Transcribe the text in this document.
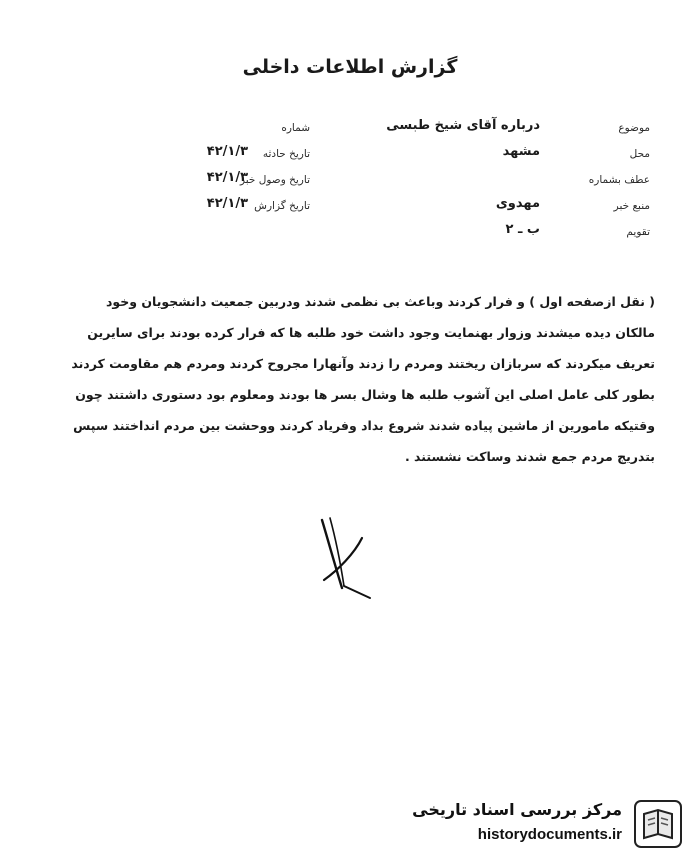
گزارش اطلاعات داخلی
موضوع
درباره آقای شیخ طبسی
محل
مشهد
عطف بشماره
منبع خبر
مهدوی
تقویم
ب ـ ۲
شماره
تاریخ حادثه
۴۲/۱/۳
تاریخ وصول خبر
۴۲/۱/۳
تاریخ گزارش
۴۲/۱/۳
( نقل ازصفحه اول ) و فرار کردند وباعث بی نظمی شدند ودربین جمعیت دانشجویان وخود
مالکان دیده میشدند وزوار بهنمایت وجود داشت خود طلبه ها که فرار کرده بودند برای سایرین
تعریف میکردند که سربازان ریختند ومردم را زدند وآنهارا مجروح کردند ومردم هم مقاومت کردند
بطور کلی عامل اصلی این آشوب طلبه ها وشال بسر ها بودند ومعلوم بود دستوری داشتند چون
وقتیکه مامورین از ماشین پیاده شدند شروع بداد وفریاد کردند ووحشت بین مردم انداختند سپس
بتدریج مردم جمع شدند وساکت نشستند .
مرکز بررسی اسناد تاریخی
historydocuments.ir
